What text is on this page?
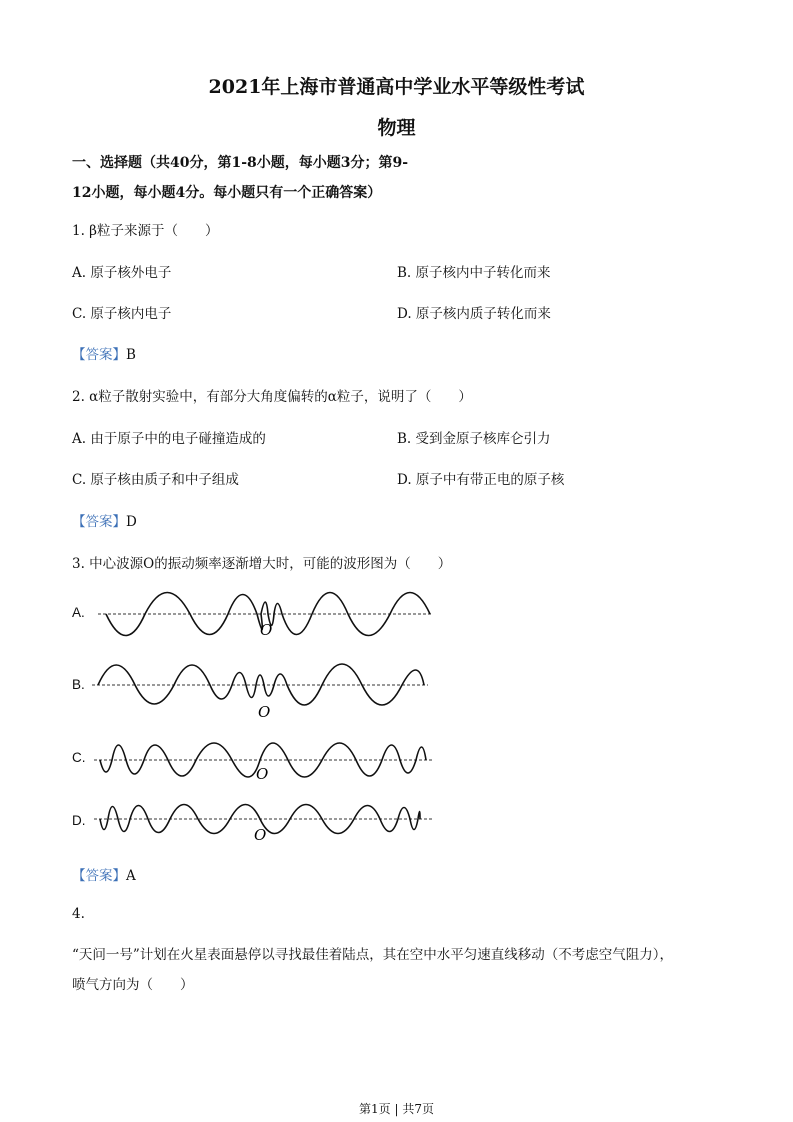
2021年上海市普通高中学业水平等级性考试
物理
一、选择题（共40分，第1-8小题，每小题3分；第9-
12小题，每小题4分。每小题只有一个正确答案）
1. β粒子来源于（　　）
A. 原子核外电子	B. 原子核内中子转化而来
C. 原子核内电子	D. 原子核内质子转化而来
【答案】B
2. α粒子散射实验中，有部分大角度偏转的α粒子，说明了（　　）
A. 由于原子中的电子碰撞造成的	B. 受到金原子核库仑引力
C. 原子核由质子和中子组成	D. 原子中有带正电的原子核
【答案】D
3. 中心波源O的振动频率逐渐增大时，可能的波形图为（　　）
A.
B.
C.
D.
O
O
O
O
【答案】A
4.
“天问一号”计划在火星表面悬停以寻找最佳着陆点，其在空中水平匀速直线移动（不考虑空气阻力），
喷气方向为（　　）
第1页 | 共7页
